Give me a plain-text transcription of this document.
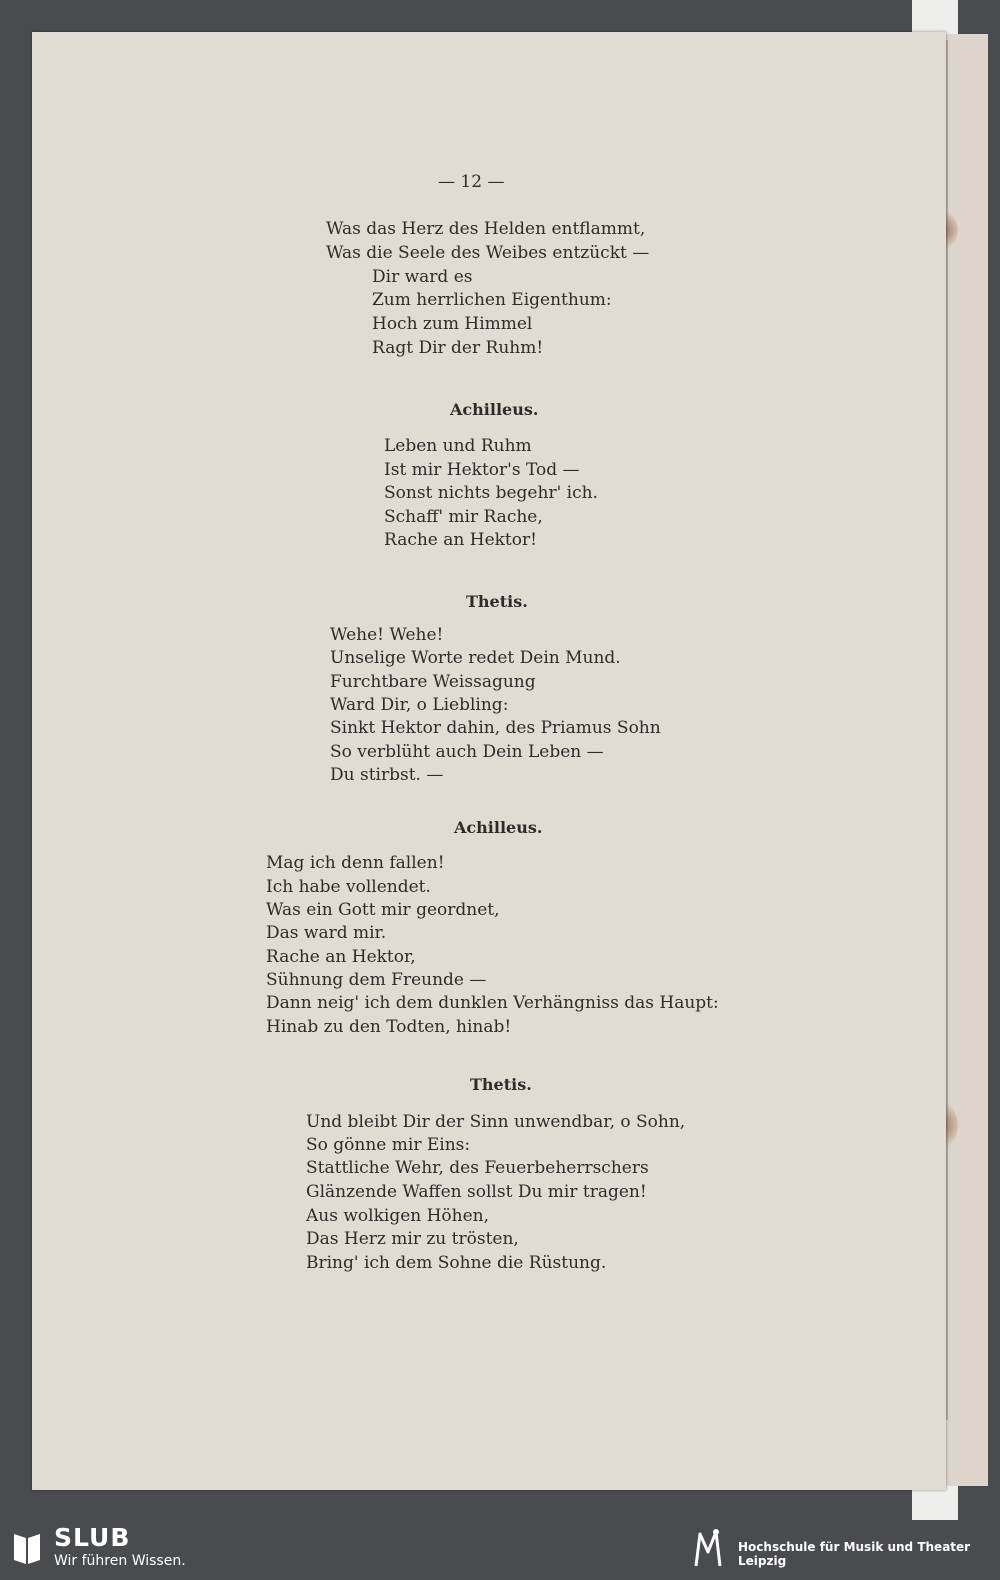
— 12 —
Was das Herz des Helden entflammt,
Was die Seele des Weibes entzückt —
Dir ward es
Zum herrlichen Eigenthum:
Hoch zum Himmel
Ragt Dir der Ruhm!
Achilleus.
Leben und Ruhm
Ist mir Hektor's Tod —
Sonst nichts begehr' ich.
Schaff' mir Rache,
Rache an Hektor!
Thetis.
Wehe! Wehe!
Unselige Worte redet Dein Mund.
Furchtbare Weissagung
Ward Dir, o Liebling:
Sinkt Hektor dahin, des Priamus Sohn
So verblüht auch Dein Leben —
Du stirbst. —
Achilleus.
Mag ich denn fallen!
Ich habe vollendet.
Was ein Gott mir geordnet,
Das ward mir.
Rache an Hektor,
Sühnung dem Freunde —
Dann neig' ich dem dunklen Verhängniss das Haupt:
Hinab zu den Todten, hinab!
Thetis.
Und bleibt Dir der Sinn unwendbar, o Sohn,
So gönne mir Eins:
Stattliche Wehr, des Feuerbeherrschers
Glänzende Waffen sollst Du mir tragen!
Aus wolkigen Höhen,
Das Herz mir zu trösten,
Bring' ich dem Sohne die Rüstung.
SLUB
Wir führen Wissen.
Hochschule für Musik und Theater Leipzig
